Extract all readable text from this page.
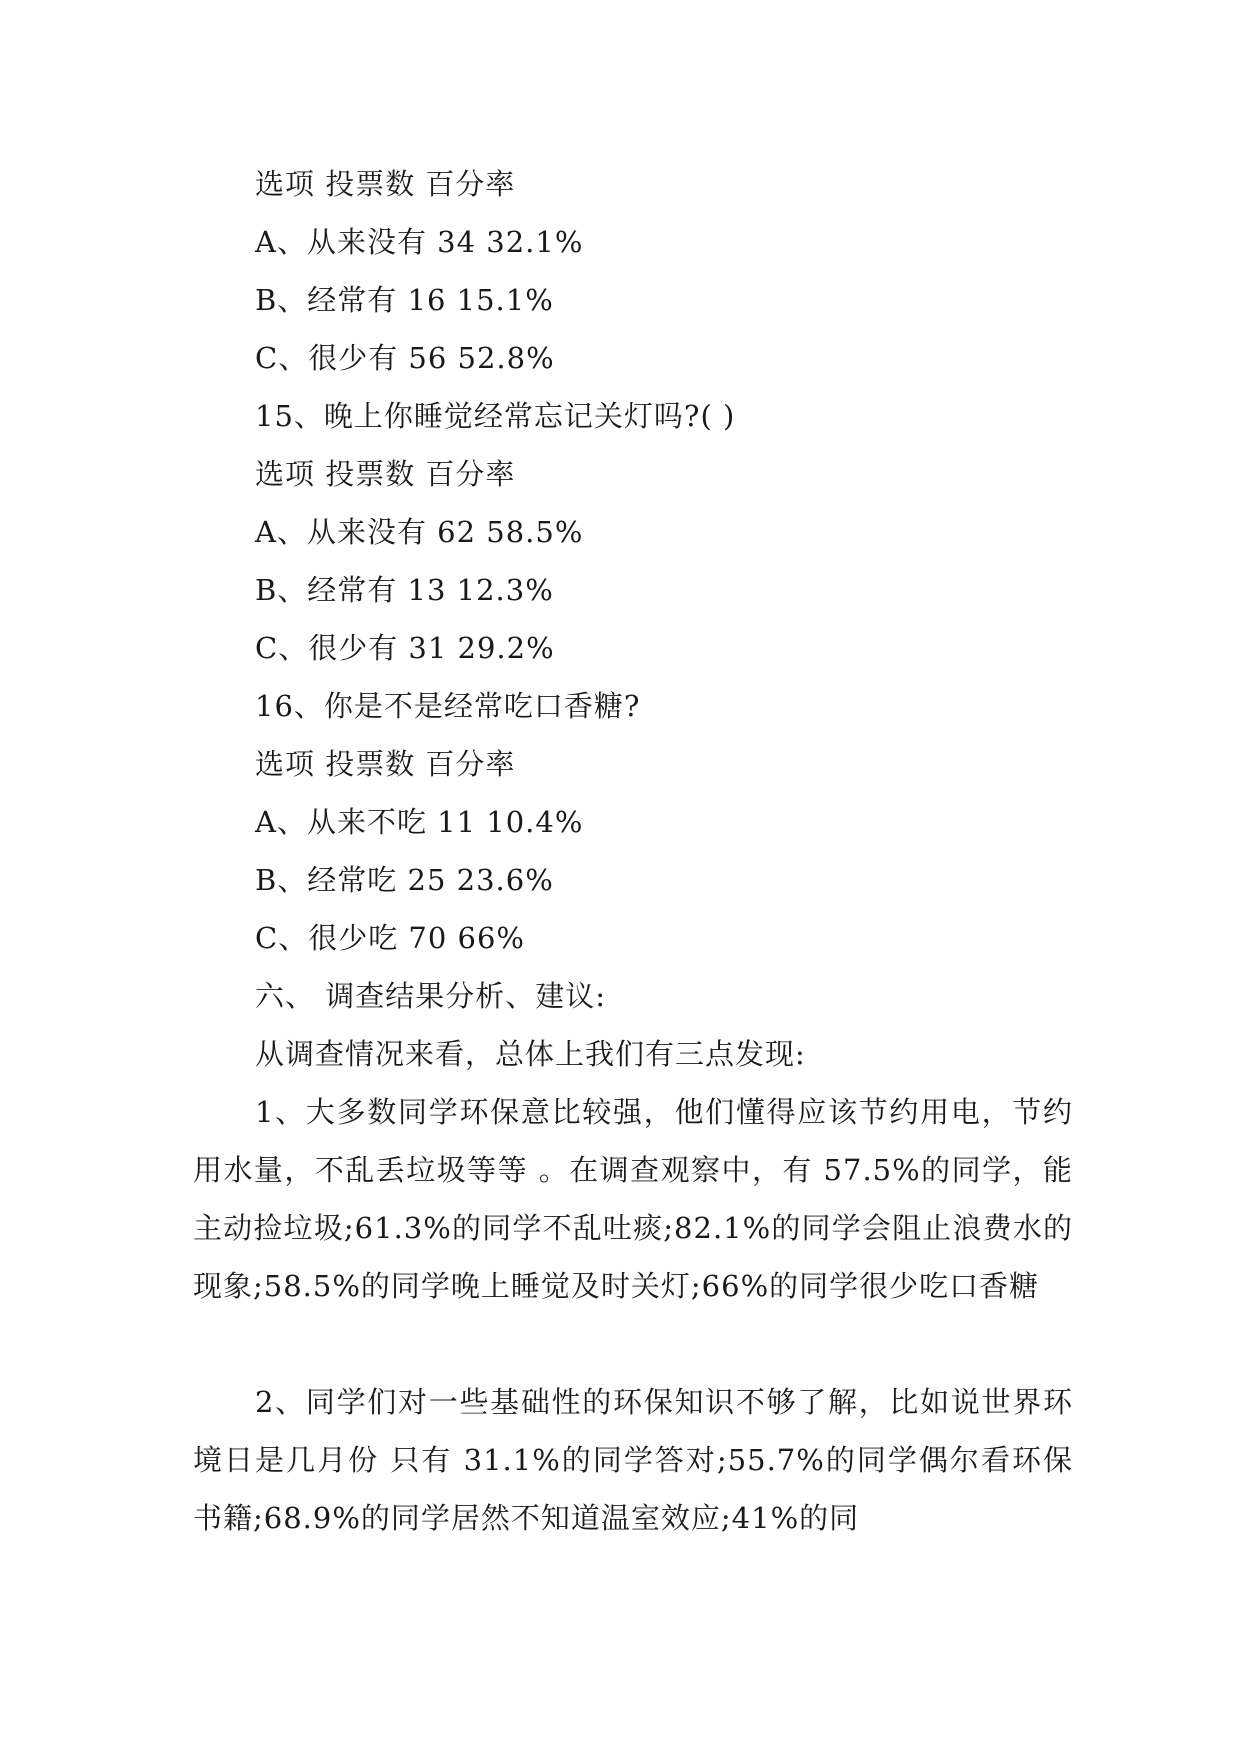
选项 投票数 百分率
A、从来没有 34 32.1%
B、经常有 16 15.1%
C、很少有 56 52.8%
15、晚上你睡觉经常忘记关灯吗?( )
选项 投票数 百分率
A、从来没有 62 58.5%
B、经常有 13 12.3%
C、很少有 31 29.2%
16、你是不是经常吃口香糖?
选项 投票数 百分率
A、从来不吃 11 10.4%
B、经常吃 25 23.6%
C、很少吃 70 66%
六、 调查结果分析、建议:
从调查情况来看，总体上我们有三点发现:
1、大多数同学环保意比较强，他们懂得应该节约用电，节约用水量，不乱丢垃圾等等 。在调查观察中，有 57.5%的同学，能主动捡垃圾;61.3%的同学不乱吐痰;82.1%的同学会阻止浪费水的现象;58.5%的同学晚上睡觉及时关灯;66%的同学很少吃口香糖
2、同学们对一些基础性的环保知识不够了解，比如说世界环境日是几月份 只有 31.1%的同学答对;55.7%的同学偶尔看环保书籍;68.9%的同学居然不知道温室效应;41%的同
